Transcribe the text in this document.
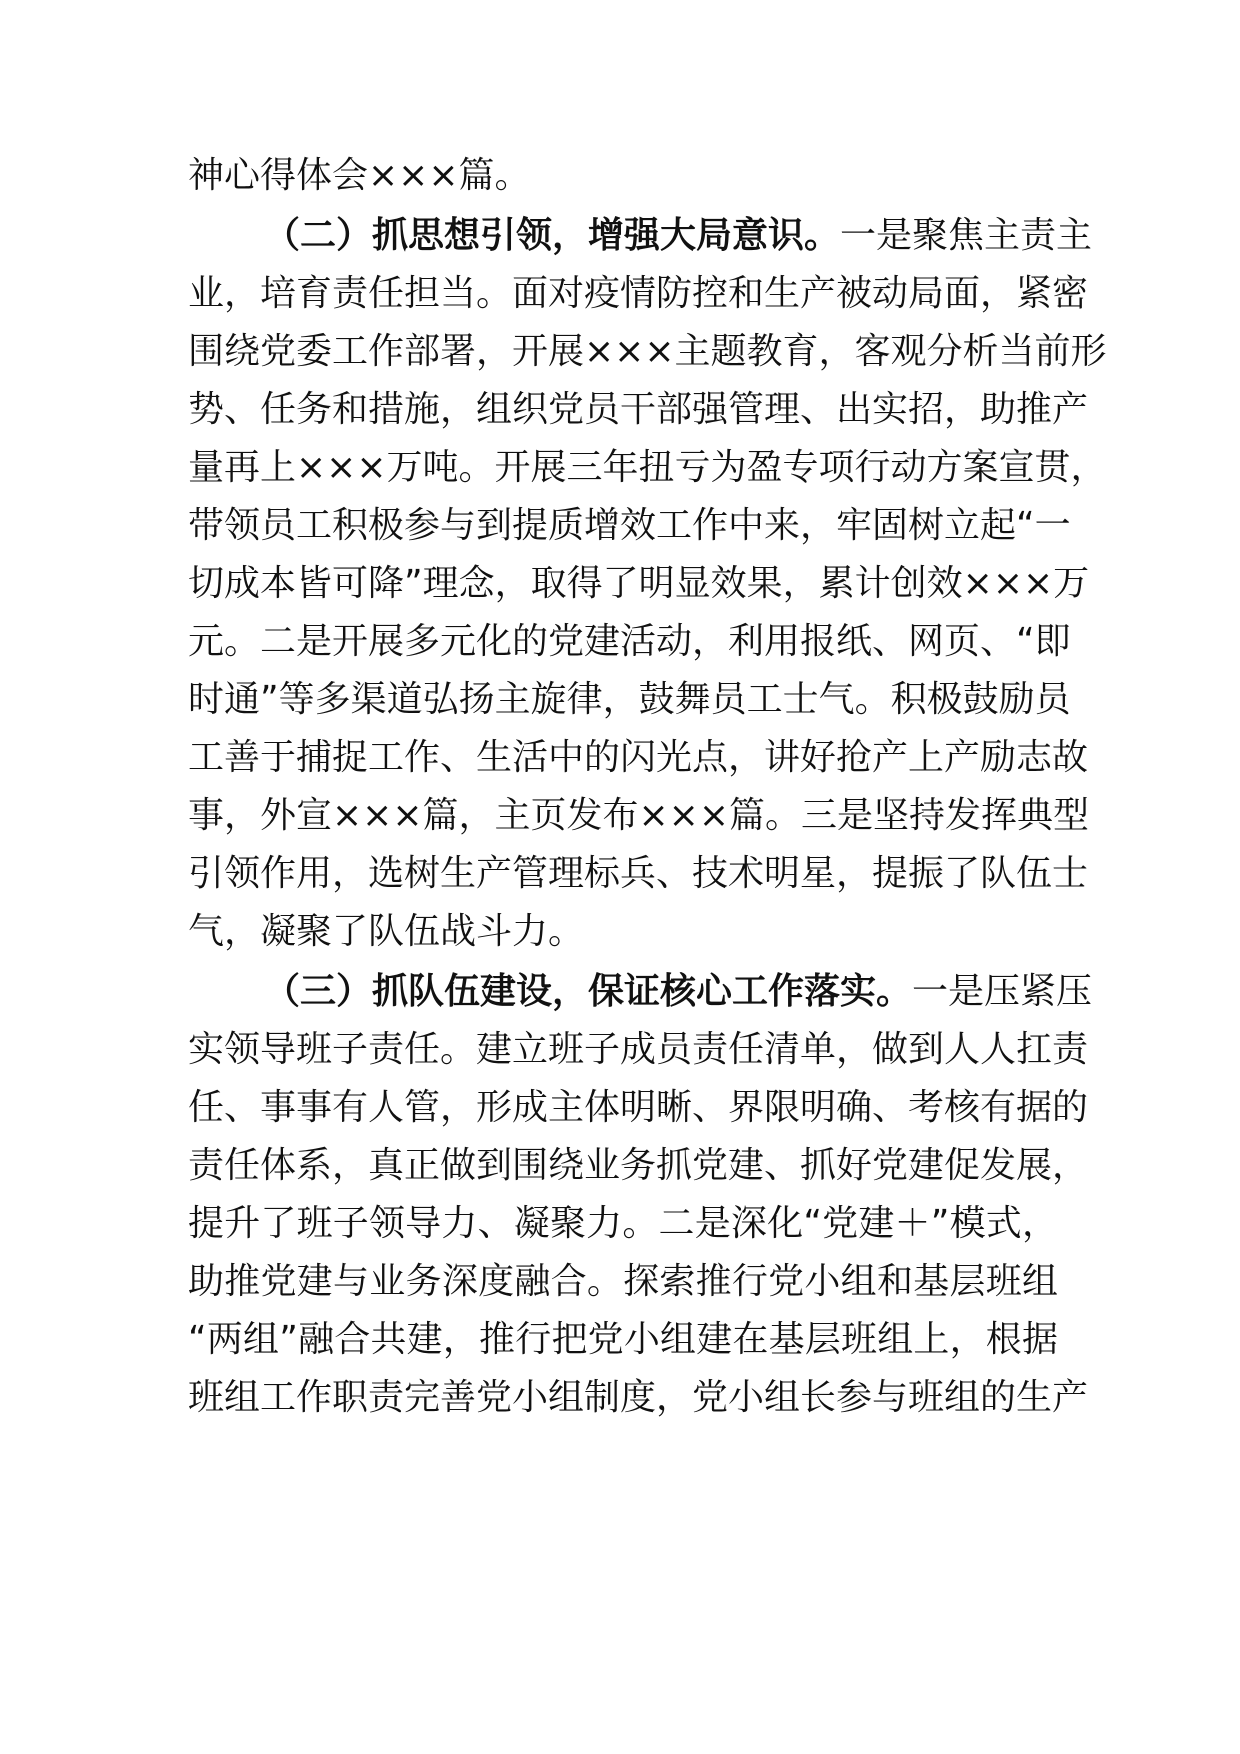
神心得体会×××篇。
（二）抓思想引领，增强大局意识。一是聚焦主责主
业，培育责任担当。面对疫情防控和生产被动局面，紧密
围绕党委工作部署，开展×××主题教育，客观分析当前形
势、任务和措施，组织党员干部强管理、出实招，助推产
量再上×××万吨。开展三年扭亏为盈专项行动方案宣贯，
带领员工积极参与到提质增效工作中来，牢固树立起“一
切成本皆可降”理念，取得了明显效果，累计创效×××万
元。二是开展多元化的党建活动，利用报纸、网页、“即
时通”等多渠道弘扬主旋律，鼓舞员工士气。积极鼓励员
工善于捕捉工作、生活中的闪光点，讲好抢产上产励志故
事，外宣×××篇，主页发布×××篇。三是坚持发挥典型
引领作用，选树生产管理标兵、技术明星，提振了队伍士
气，凝聚了队伍战斗力。
（三）抓队伍建设，保证核心工作落实。一是压紧压
实领导班子责任。建立班子成员责任清单，做到人人扛责
任、事事有人管，形成主体明晰、界限明确、考核有据的
责任体系，真正做到围绕业务抓党建、抓好党建促发展，
提升了班子领导力、凝聚力。二是深化“党建＋”模式，
助推党建与业务深度融合。探索推行党小组和基层班组
“两组”融合共建，推行把党小组建在基层班组上，根据
班组工作职责完善党小组制度，党小组长参与班组的生产
